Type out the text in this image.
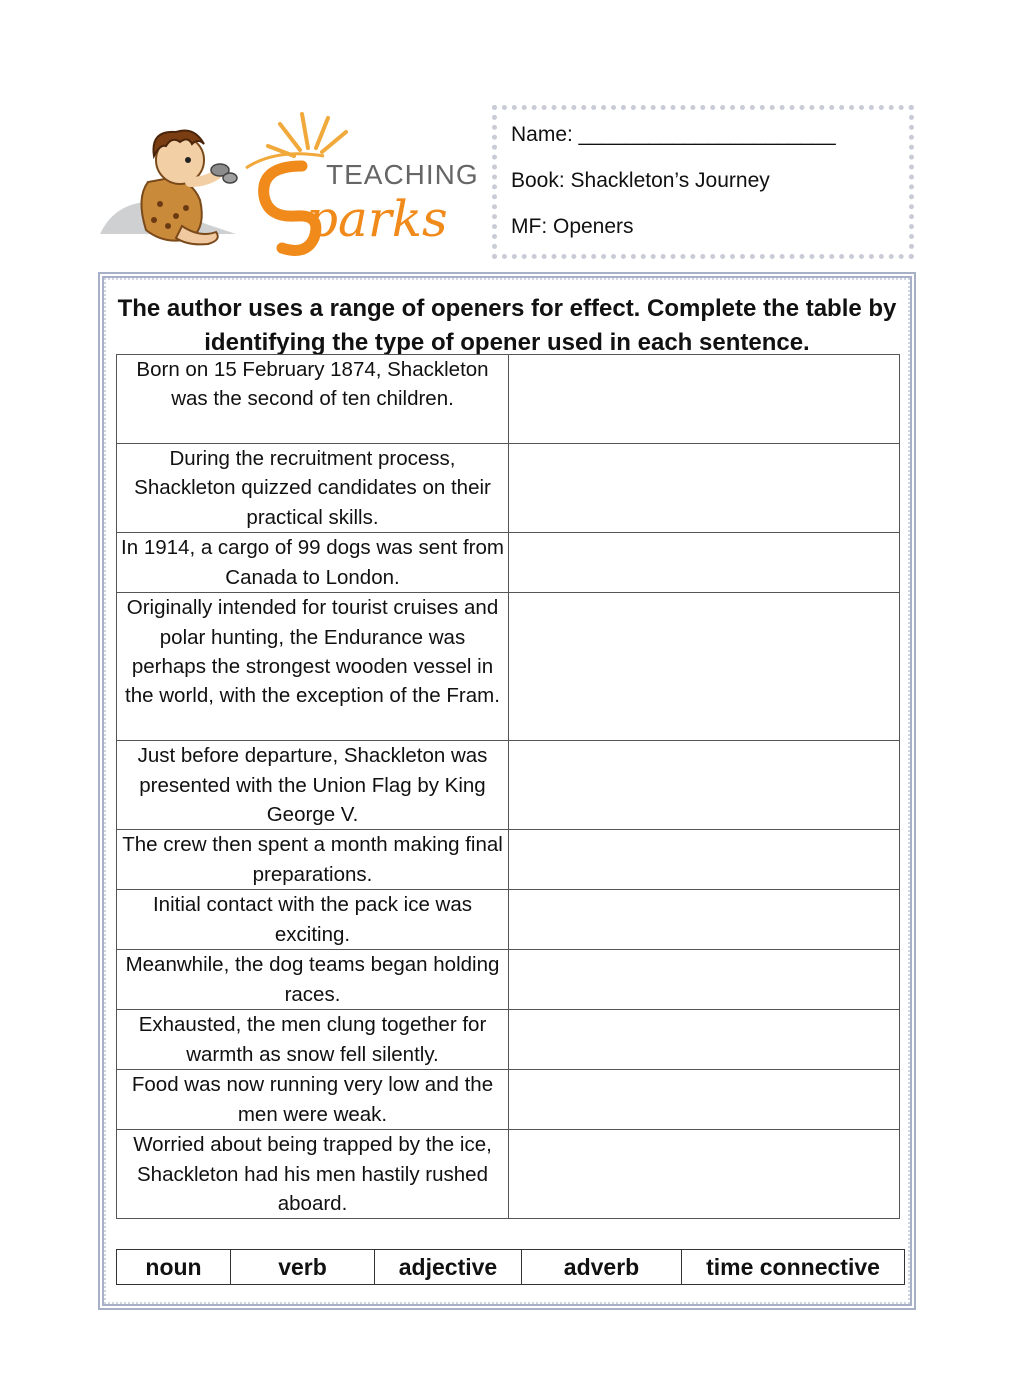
TEACHING
parks
Name: ______________________
Book: Shackleton’s Journey
MF: Openers
The author uses a range of openers for effect. Complete the table by identifying the type of opener used in each sentence.
Born on 15 February 1874, Shackleton was the second of ten children.	
During the recruitment process, Shackleton quizzed candidates on their practical skills.	
In 1914, a cargo of 99 dogs was sent from Canada to London.	
Originally intended for tourist cruises and polar hunting, the Endurance was perhaps the strongest wooden vessel in the world, with the exception of the Fram.	
Just before departure, Shackleton was presented with the Union Flag by King George V.	
The crew then spent a month making final preparations.	
Initial contact with the pack ice was exciting.	
Meanwhile, the dog teams began holding races.	
Exhausted, the men clung together for warmth as snow fell silently.	
Food was now running very low and the men were weak.	
Worried about being trapped by the ice, Shackleton had his men hastily rushed aboard.	
noun	verb	adjective	adverb	time connective
